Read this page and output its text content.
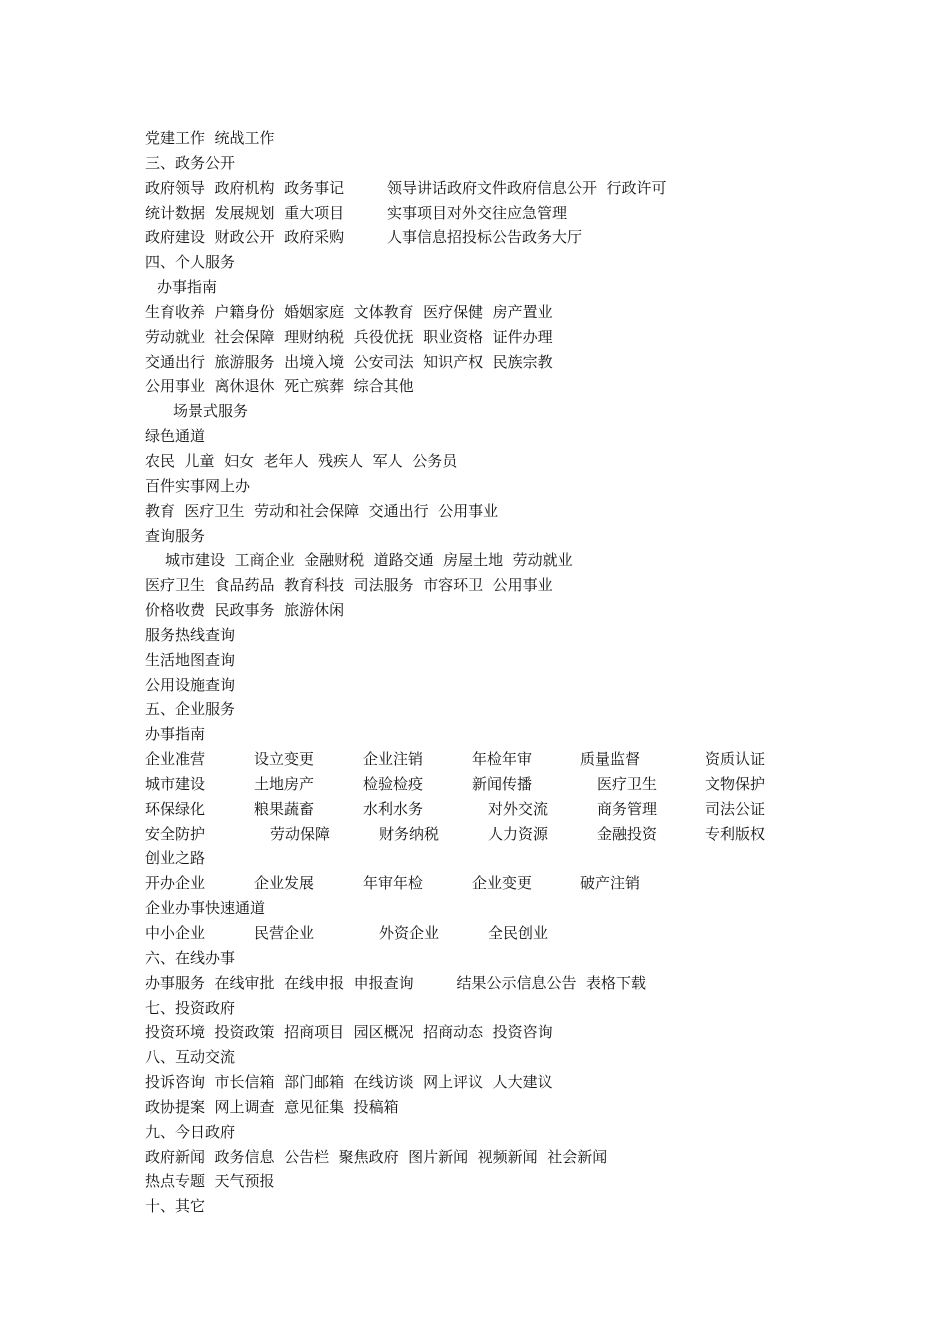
党建工作  统战工作
三、政务公开
政府领导  政府机构  政务事记         领导讲话政府文件政府信息公开  行政许可
统计数据  发展规划  重大项目         实事项目对外交往应急管理
政府建设  财政公开  政府采购         人事信息招投标公告政务大厅
四、个人服务
办事指南
生育收养  户籍身份  婚姻家庭  文体教育  医疗保健  房产置业
劳动就业  社会保障  理财纳税  兵役优抚  职业资格  证件办理
交通出行  旅游服务  出境入境  公安司法  知识产权  民族宗教
公用事业  离休退休  死亡殡葬  综合其他
场景式服务
绿色通道
农民  儿童  妇女  老年人  残疾人  军人  公务员
百件实事网上办
教育  医疗卫生  劳动和社会保障  交通出行  公用事业
查询服务
城市建设  工商企业  金融财税  道路交通  房屋土地  劳动就业
医疗卫生  食品药品  教育科技  司法服务  市容环卫  公用事业
价格收费  民政事务  旅游休闲
服务热线查询
生活地图查询
公用设施查询
五、企业服务
办事指南
企业准营	设立变更	企业注销	年检年审	质量监督	资质认证
城市建设	土地房产	检验检疫	新闻传播	医疗卫生	文物保护
环保绿化	粮果蔬畜	水利水务	对外交流	商务管理	司法公证
安全防护	劳动保障	财务纳税	人力资源	金融投资	专利版权
创业之路
开办企业	企业发展	年审年检	企业变更	破产注销
企业办事快速通道
中小企业	民营企业	外资企业	全民创业
六、在线办事
办事服务  在线审批  在线申报  申报查询         结果公示信息公告  表格下载
七、投资政府
投资环境  投资政策  招商项目  园区概况  招商动态  投资咨询
八、互动交流
投诉咨询  市长信箱  部门邮箱  在线访谈  网上评议  人大建议
政协提案  网上调查  意见征集  投稿箱
九、今日政府
政府新闻  政务信息  公告栏  聚焦政府  图片新闻  视频新闻  社会新闻
热点专题  天气预报
十、其它
